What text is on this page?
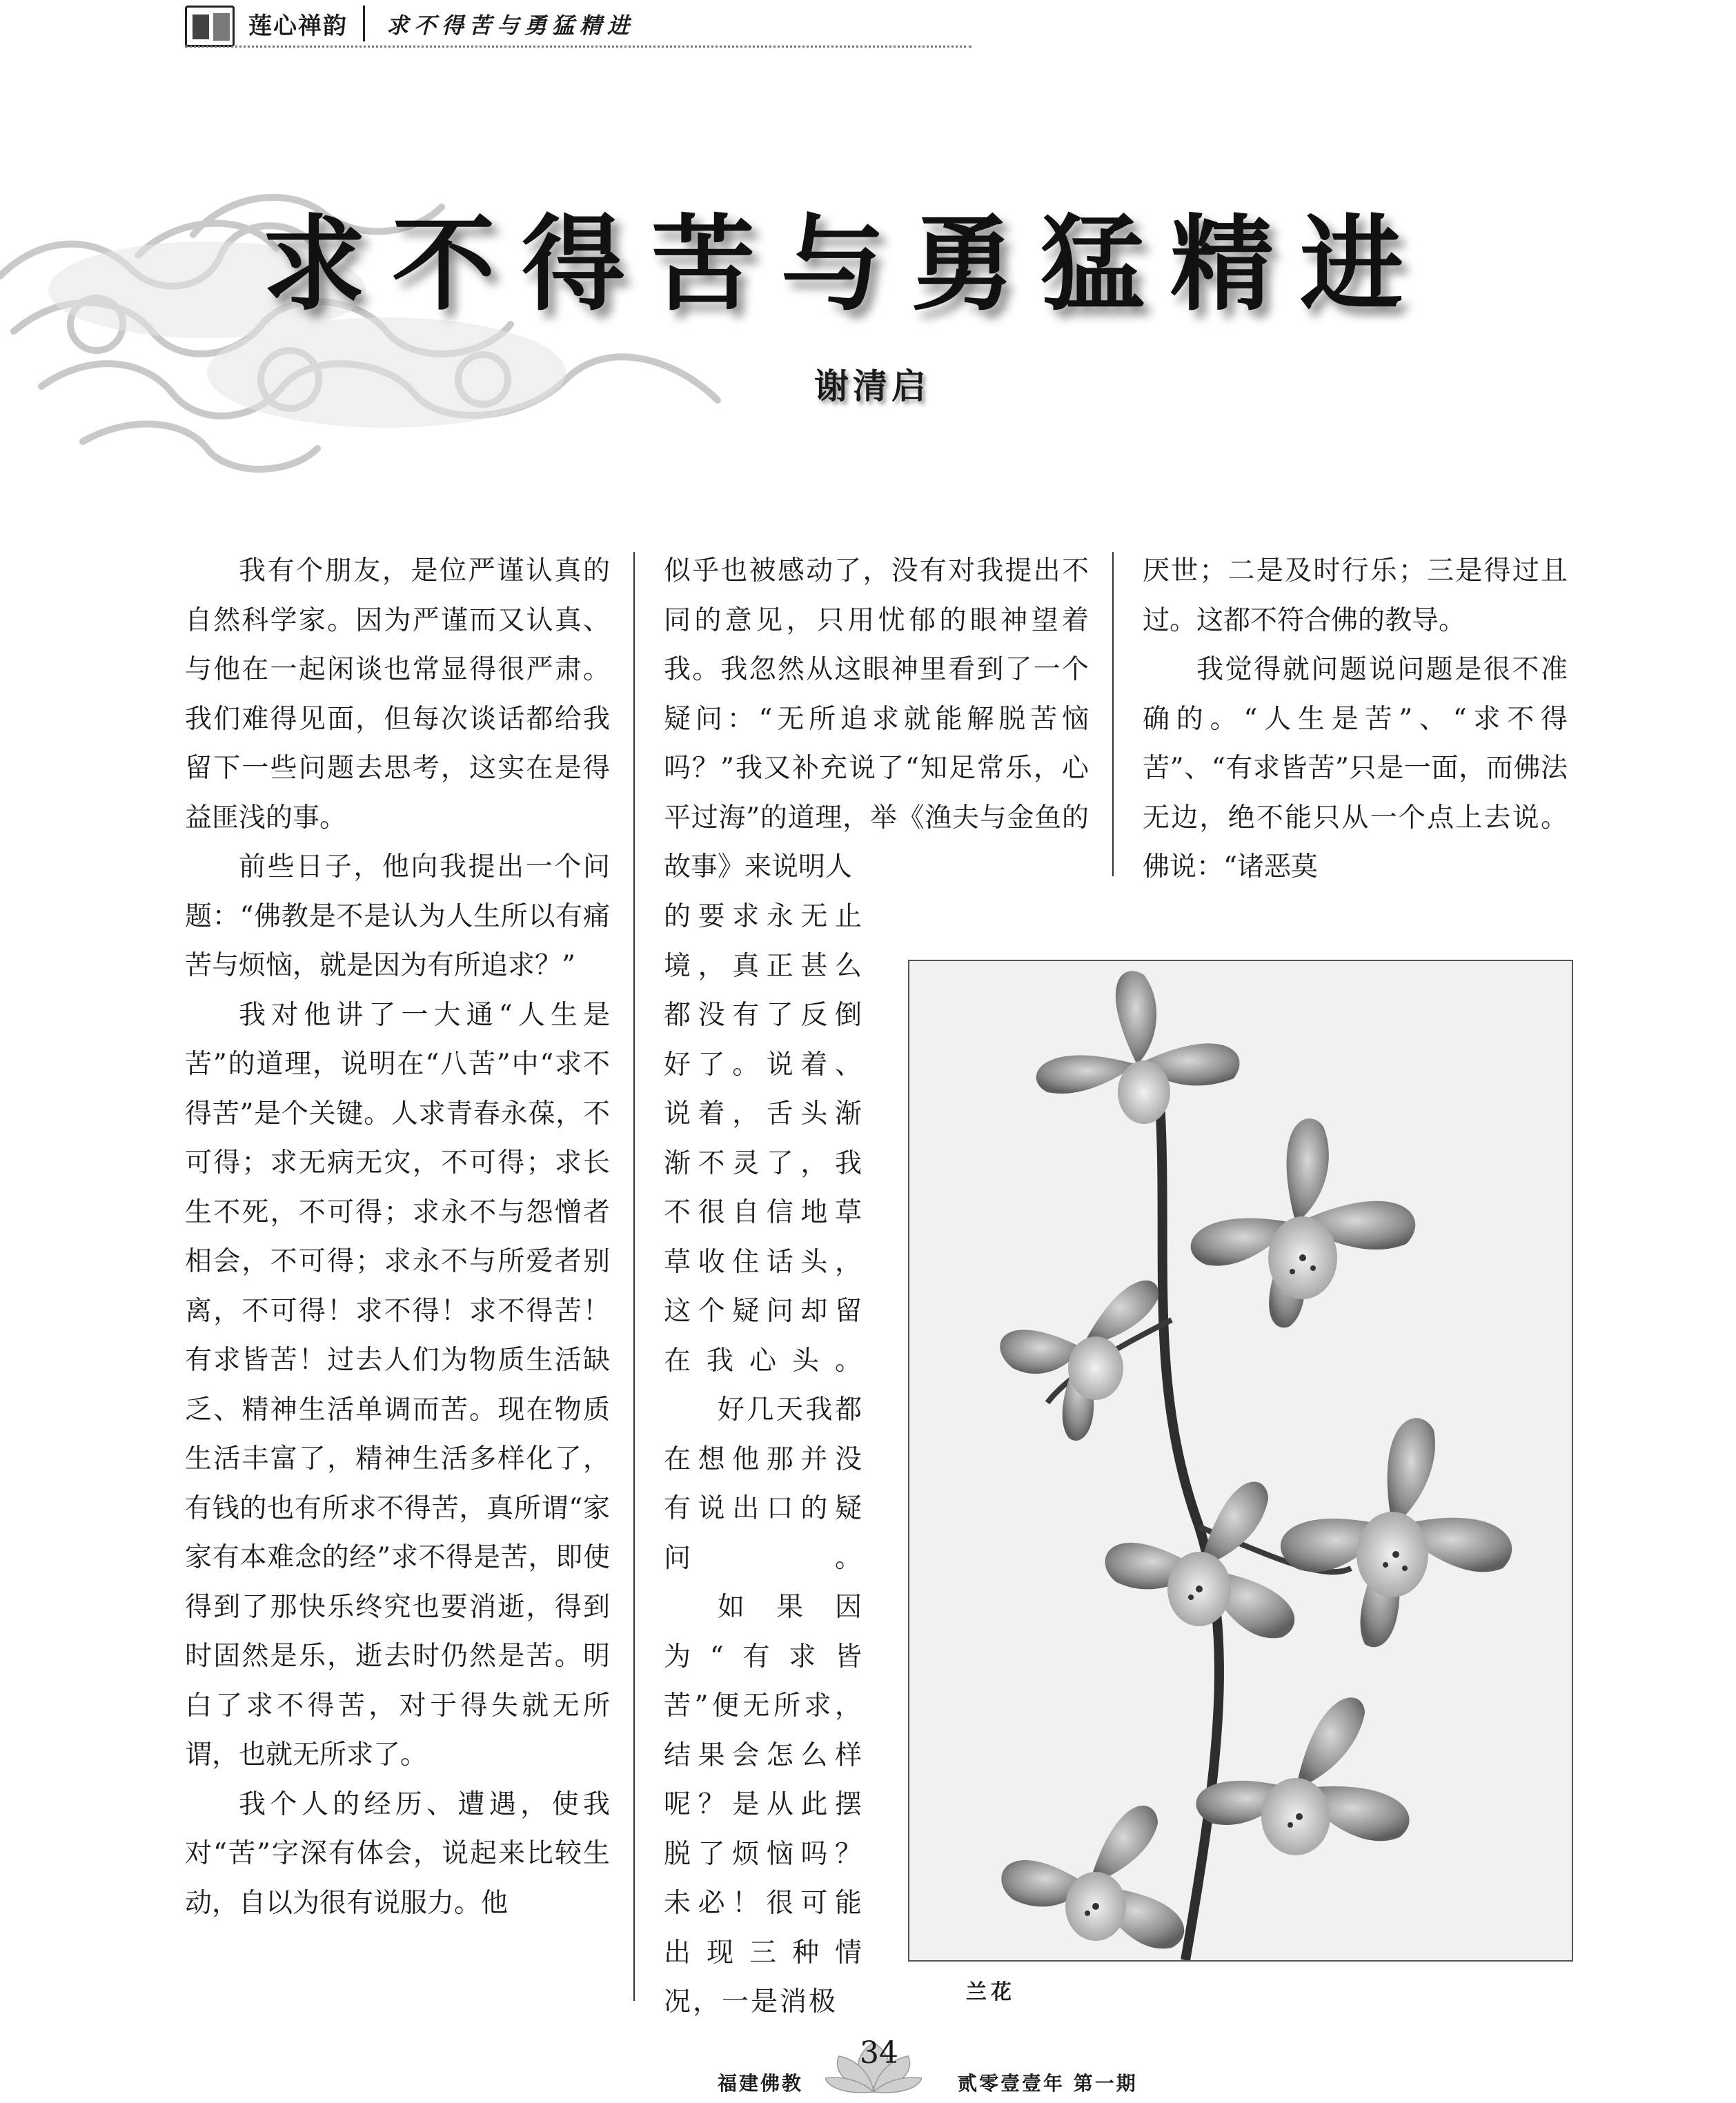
莲心禅韵 求不得苦与勇猛精进
求不得苦与勇猛精进
谢清启

我有个朋友，是位严谨认真的自然科学家。因为严谨而又认真、与他在一起闲谈也常显得很严肃。我们难得见面，但每次谈话都给我留下一些问题去思考，这实在是得益匪浅的事。

前些日子，他向我提出一个问题：“佛教是不是认为人生所以有痛苦与烦恼，就是因为有所追求？”

我对他讲了一大通“人生是苦”的道理，说明在“八苦”中“求不得苦”是个关键。人求青春永葆，不可得；求无病无灾，不可得；求长生不死，不可得；求永不与怨憎者相会，不可得；求永不与所爱者别离，不可得！求不得！求不得苦！有求皆苦！过去人们为物质生活缺乏、精神生活单调而苦。现在物质生活丰富了，精神生活多样化了，有钱的也有所求不得苦，真所谓“家家有本难念的经”求不得是苦，即使得到了那快乐终究也要消逝，得到时固然是乐，逝去时仍然是苦。明白了求不得苦，对于得失就无所谓，也就无所求了。

我个人的经历、遭遇，使我对“苦”字深有体会，说起来比较生动，自以为很有说服力。他

似乎也被感动了，没有对我提出不同的意见，只用忧郁的眼神望着我。我忽然从这眼神里看到了一个疑问：“无所追求就能解脱苦恼吗？”我又补充说了“知足常乐，心平过海”的道理，举《渔夫与金鱼的故事》来说明人

的要求永无止境，真正甚么都没有了反倒好了。说着、说着，舌头渐渐不灵了，我不很自信地草草收住话头，这个疑问却留在我心头。

好几天我都在想他那并没有说出口的疑问。

如果因为“有求皆苦”便无所求，结果会怎么样呢？是从此摆脱了烦恼吗？未必！很可能出现三种情况，一是消极

厌世；二是及时行乐；三是得过且过。这都不符合佛的教导。

我觉得就问题说问题是很不准确的。“人生是苦”、“求不得苦”、“有求皆苦”只是一面，而佛法无边，绝不能只从一个点上去说。佛说：“诸恶莫

兰花
福建佛教
34
贰零壹壹年 第一期
